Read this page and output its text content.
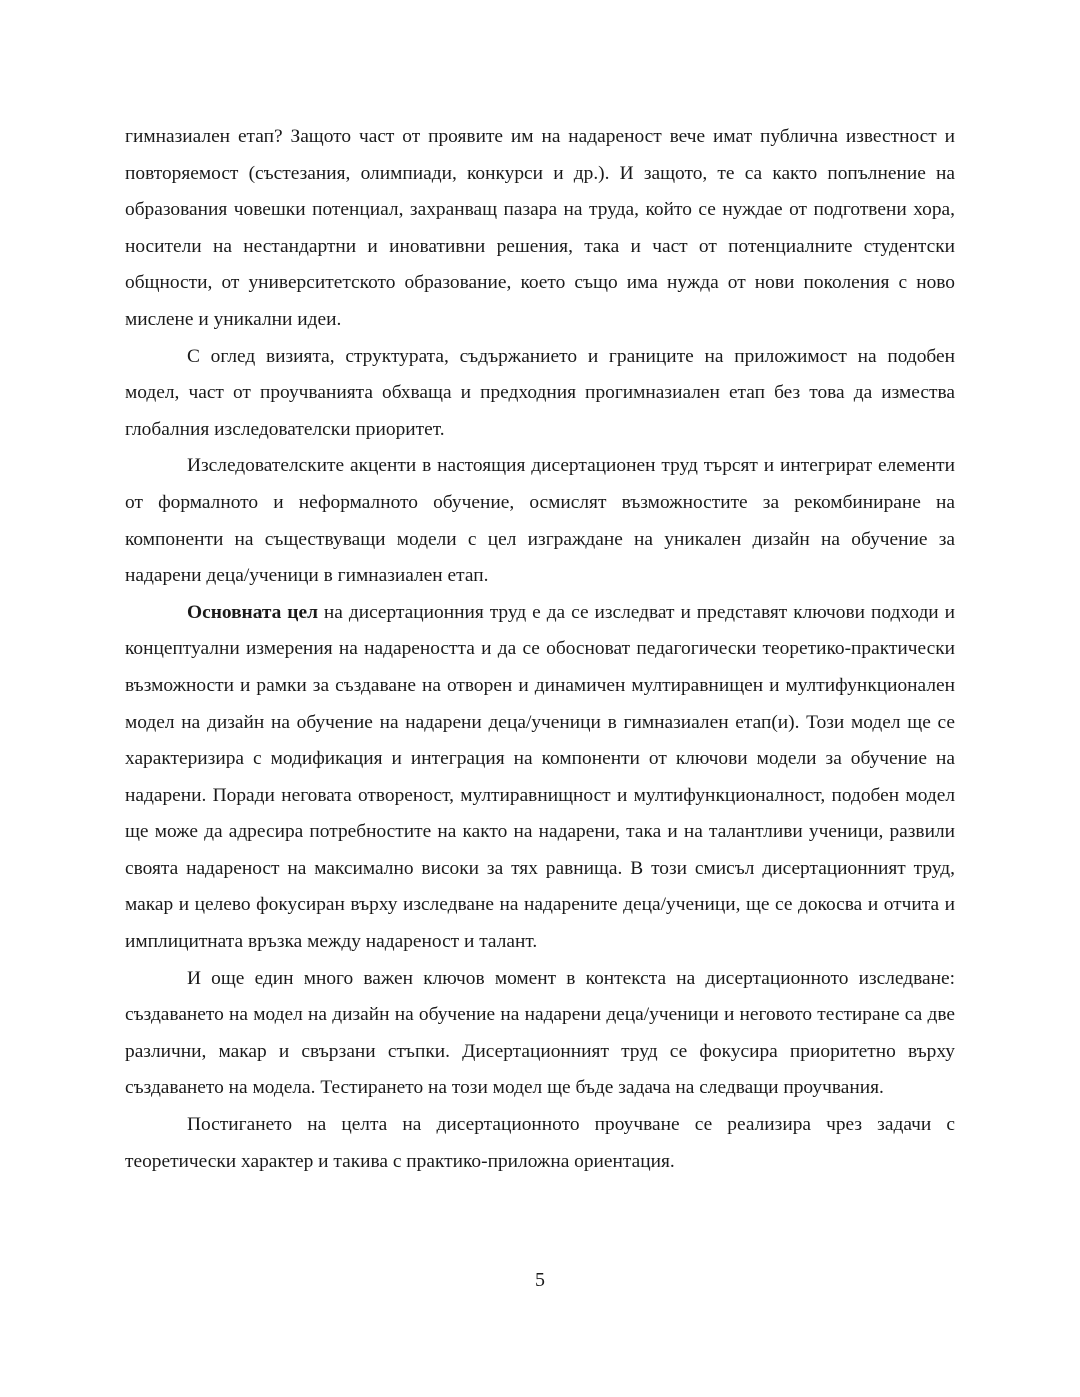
гимназиален етап? Защото част от проявите им на надареност вече имат публична известност и повторяемост (състезания, олимпиади, конкурси и др.). И защото, те са както попълнение на образования човешки потенциал, захранващ пазара на труда, който се нуждае от подготвени хора, носители на нестандартни и иновативни решения, така и част от потенциалните студентски общности, от университетското образование, което също има нужда от нови поколения с ново мислене и уникални идеи.

С оглед визията, структурата, съдържанието и границите на приложимост на подобен модел, част от проучванията обхваща и предходния прогимназиален етап без това да измества глобалния изследователски приоритет.

Изследователските акценти в настоящия дисертационен труд търсят и интегрират елементи от формалното и неформалното обучение, осмислят възможностите за рекомбиниране на компоненти на съществуващи модели с цел изграждане на уникален дизайн на обучение за надарени деца/ученици в гимназиален етап.

Основната цел на дисертационния труд е да се изследват и представят ключови подходи и концептуални измерения на надареността и да се обосноват педагогически теоретико-практически възможности и рамки за създаване на отворен и динамичен мултиравнищен и мултифункционален модел на дизайн на обучение на надарени деца/ученици в гимназиален етап(и). Този модел ще се характеризира с модификация и интеграция на компоненти от ключови модели за обучение на надарени. Поради неговата отвореност, мултиравнищност и мултифункционалност, подобен модел ще може да адресира потребностите на както на надарени, така и на талантливи ученици, развили своята надареност на максимално високи за тях равнища. В този смисъл дисертационният труд, макар и целево фокусиран върху изследване на надарените деца/ученици, ще се докосва и отчита и имплицитната връзка между надареност и талант.

И още един много важен ключов момент в контекста на дисертационното изследване: създаването на модел на дизайн на обучение на надарени деца/ученици и неговото тестиране са две различни, макар и свързани стъпки. Дисертационният труд се фокусира приоритетно върху създаването на модела. Тестирането на този модел ще бъде задача на следващи проучвания.

Постигането на целта на дисертационното проучване се реализира чрез задачи с теоретически характер и такива с практико-приложна ориентация.

5
